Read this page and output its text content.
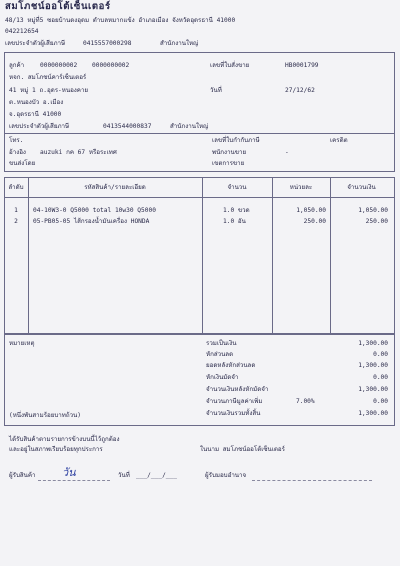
สมโภชน์ออโต้เซ็นเตอร์
48/13 หมู่ที่5 ซอยบ้านดงอุดม ตำบลหมากแข้ง อำเภอเมือง จังหวัดอุดรธานี 41000
042212654
เลขประจำตัวผู้เสียภาษี	0415557000298	สำนักงานใหญ่
ลูกค้า	0000000002 0000000002	เลขที่ใบสั่งขาย	HB0001799
หจก. สมโภชน์คาร์เซ็นเตอร์
41 หมู่ 1 ถ.อุดร-หนองคาย	วันที่	27/12/62
ต.หนองบัว อ.เมือง
จ.อุดรธานี 41000
เลขประจำตัวผู้เสียภาษี	0413544000837	สำนักงานใหญ่
โทร.	เลขที่ใบกำกับภาษี	เครดิต
อ้างอิง auzuki กค 67 หรือระเทศ	พนักงานขาย	-
ขนส่งโดย	เขตการขาย
ลำดับ	รหัสสินค้า/รายละเอียด	จำนวน	หน่วยละ	จำนวนเงิน
1	04-10W3-0 Q5000 total 10w30 Q5000	1.0 ขวด	1,050.00	1,050.00
2	05-PB05-05 ไส้กรองน้ำมันเครื่อง HONDA	1.0 อัน	250.00	250.00
หมายเหตุ
(หนึ่งพันสามร้อยบาทถ้วน)
รวมเป็นเงิน	1,300.00
หักส่วนลด	0.00
ยอดหลังหักส่วนลด	1,300.00
หักเงินมัดจำ	0.00
จำนวนเงินหลังหักมัดจำ	1,300.00
จำนวนภาษีมูลค่าเพิ่ม	7.00%	0.00
จำนวนเงินรวมทั้งสิ้น	1,300.00
ได้รับสินค้าตามรายการข้างบนนี้ไว้ถูกต้อง
และอยู่ในสภาพเรียบร้อยทุกประการ	ในนาม สมโภชน์ออโต้เซ็นเตอร์
ผู้รับสินค้า วัน	วันที่ ___/___/___	ผู้รับมอบอำนาจ
